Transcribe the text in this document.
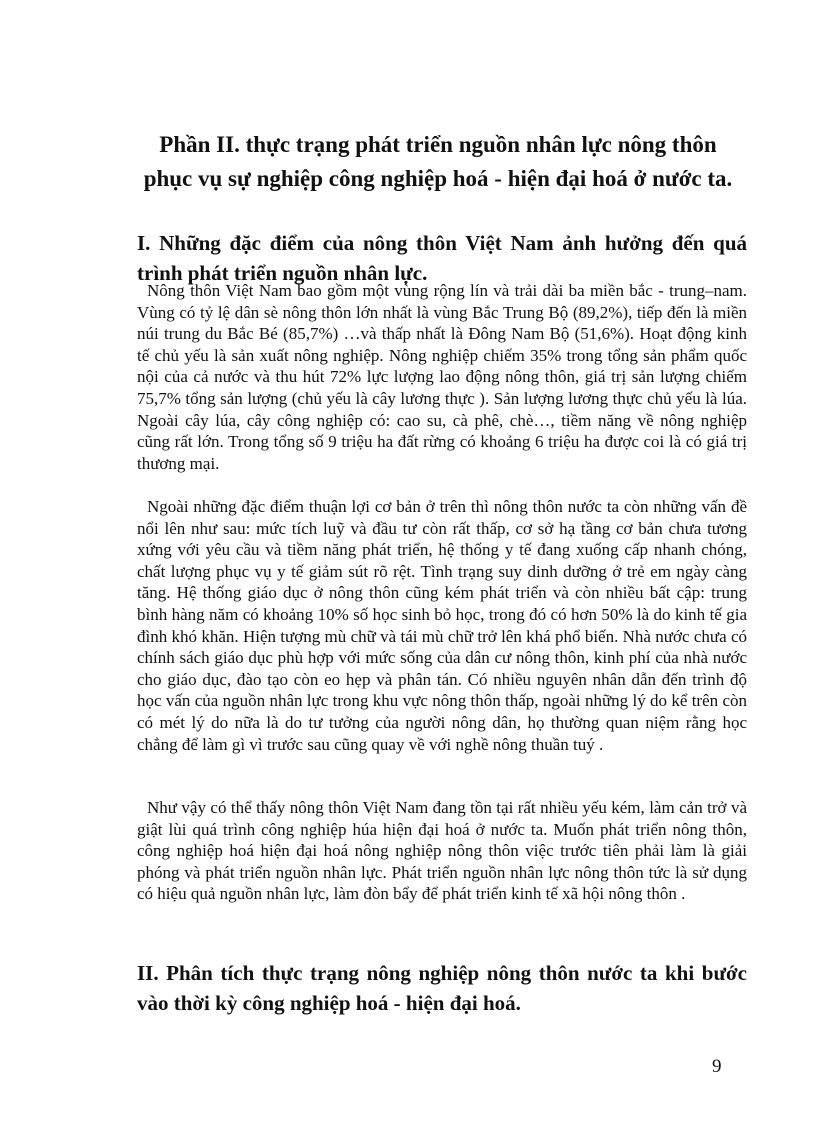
Phần II. thực trạng phát triển nguồn nhân lực nông thôn phục vụ sự nghiệp công nghiệp hoá - hiện đại hoá ở nước ta.
I. Những đặc điểm của nông thôn Việt Nam ảnh hưởng đến quá trình phát triển nguồn nhân lực.

Nông thôn Việt Nam bao gồm một vùng rộng lín và trải dài ba miền bắc - trung–nam. Vùng có tỷ lệ dân sè nông thôn lớn nhất là vùng Bắc Trung Bộ (89,2%), tiếp đến là miền núi trung du Bắc Bé (85,7%) …và thấp nhất là Đông Nam Bộ (51,6%). Hoạt động kinh tế chủ yếu là sản xuất nông nghiệp. Nông nghiệp chiếm 35% trong tổng sản phẩm quốc nội của cả nước và thu hút 72% lực lượng lao động nông thôn, giá trị sản lượng chiếm 75,7% tổng sản lượng (chủ yếu là cây lương thực ). Sản lượng lương thực chủ yếu là lúa. Ngoài cây lúa, cây công nghiệp có: cao su, cà phê, chè…, tiềm năng về nông nghiệp cũng rất lớn. Trong tổng số 9 triệu ha đất rừng có khoảng 6 triệu ha được coi là có giá trị thương mại.

Ngoài những đặc điểm thuận lợi cơ bản ở trên thì nông thôn nước ta còn những vấn đề nổi lên như sau: mức tích luỹ và đầu tư còn rất thấp, cơ sở hạ tầng cơ bản chưa tương xứng với yêu cầu và tiềm năng phát triển, hệ thống y tế đang xuống cấp nhanh chóng, chất lượng phục vụ y tế giảm sút rõ rệt. Tình trạng suy dinh dưỡng ở trẻ em ngày càng tăng. Hệ thống giáo dục ở nông thôn cũng kém phát triển và còn nhiều bất cập: trung bình hàng năm có khoảng 10% số học sinh bỏ học, trong đó có hơn 50% là do kinh tế gia đình khó khăn. Hiện tượng mù chữ và tái mù chữ trở lên khá phổ biến. Nhà nước chưa có chính sách giáo dục phù hợp với mức sống của dân cư nông thôn, kinh phí của nhà nước cho giáo dục, đào tạo còn eo hẹp và phân tán. Có nhiều nguyên nhân dẫn đến trình độ học vấn của nguồn nhân lực trong khu vực nông thôn thấp, ngoài những lý do kể trên còn có mét lý do nữa là do tư tưởng của người nông dân, họ thường quan niệm rằng học chẳng để làm gì vì trước sau cũng quay về với nghề nông thuần tuý .

Như vậy có thể thấy nông thôn Việt Nam đang tồn tại rất nhiều yếu kém, làm cản trở và giật lùi quá trình công nghiệp húa hiện đại hoá ở nước ta. Muốn phát triển nông thôn, công nghiệp hoá hiện đại hoá nông nghiệp nông thôn việc trước tiên phải làm là giải phóng và phát triển nguồn nhân lực. Phát triển nguồn nhân lực nông thôn tức là sử dụng có hiệu quả nguồn nhân lực, làm đòn bẩy để phát triển kinh tế xã hội nông thôn .

II. Phân tích thực trạng nông nghiệp nông thôn nước ta khi bước vào thời kỳ công nghiệp hoá - hiện đại hoá.
9
